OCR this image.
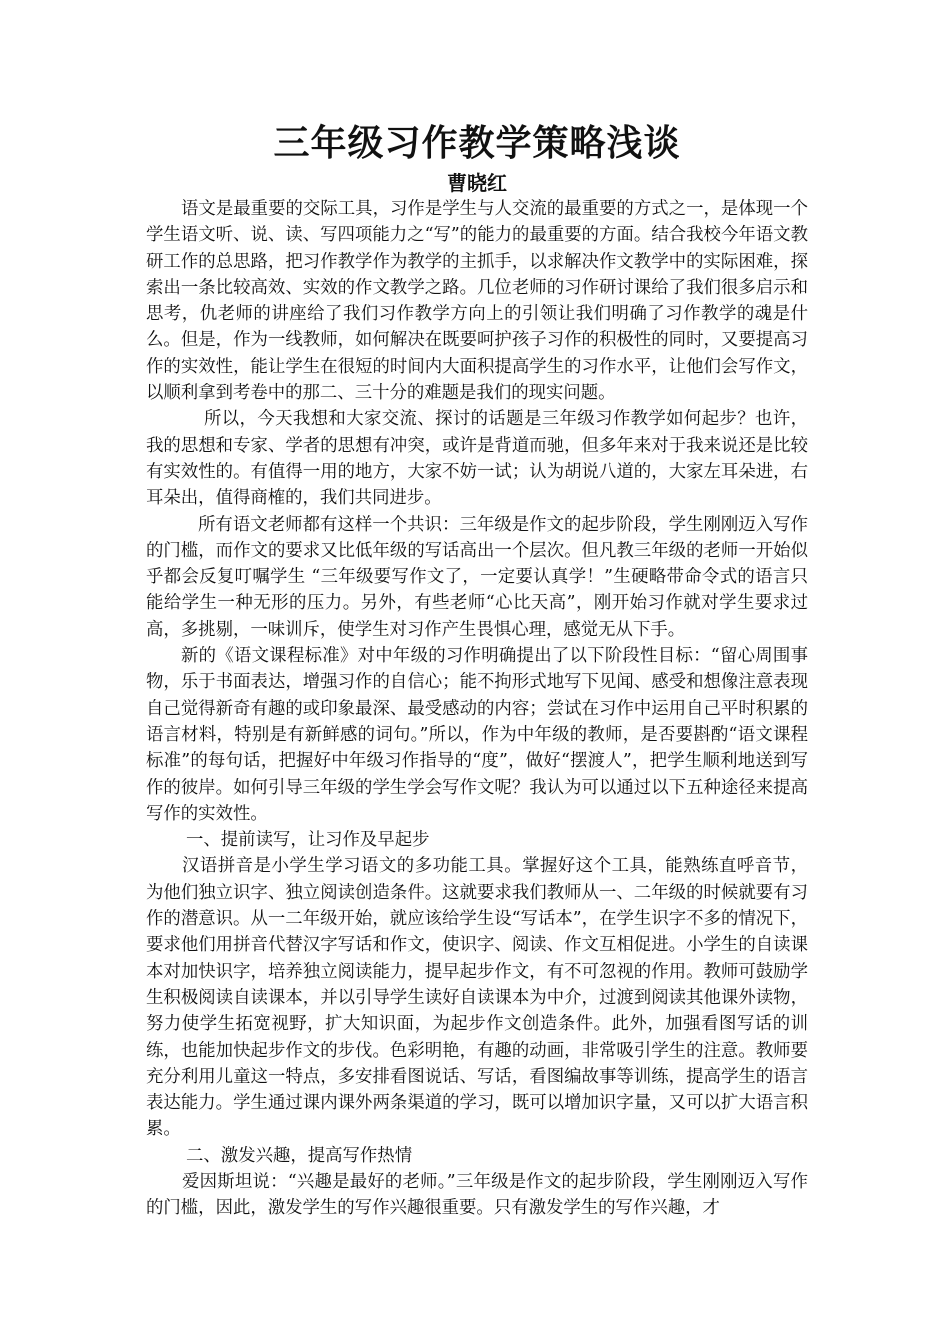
三年级习作教学策略浅谈
曹晓红

语文是最重要的交际工具，习作是学生与人交流的最重要的方式之一，是体现一个学生语文听、说、读、写四项能力之“写”的能力的最重要的方面。结合我校今年语文教研工作的总思路，把习作教学作为教学的主抓手，以求解决作文教学中的实际困难，探索出一条比较高效、实效的作文教学之路。几位老师的习作研讨课给了我们很多启示和思考，仇老师的讲座给了我们习作教学方向上的引领让我们明确了习作教学的魂是什么。但是，作为一线教师，如何解决在既要呵护孩子习作的积极性的同时，又要提高习作的实效性，能让学生在很短的时间内大面积提高学生的习作水平，让他们会写作文，以顺利拿到考卷中的那二、三十分的难题是我们的现实问题。

所以，今天我想和大家交流、探讨的话题是三年级习作教学如何起步？也许，我的思想和专家、学者的思想有冲突，或许是背道而驰，但多年来对于我来说还是比较有实效性的。有值得一用的地方，大家不妨一试；认为胡说八道的，大家左耳朵进，右耳朵出，值得商榷的，我们共同进步。

所有语文老师都有这样一个共识：三年级是作文的起步阶段，学生刚刚迈入写作的门槛，而作文的要求又比低年级的写话高出一个层次。但凡教三年级的老师一开始似乎都会反复叮嘱学生 “三年级要写作文了，一定要认真学！”生硬略带命令式的语言只能给学生一种无形的压力。另外，有些老师“心比天高”，刚开始习作就对学生要求过高，多挑剔，一味训斥，使学生对习作产生畏惧心理，感觉无从下手。

新的《语文课程标准》对中年级的习作明确提出了以下阶段性目标：“留心周围事物，乐于书面表达，增强习作的自信心；能不拘形式地写下见闻、感受和想像注意表现自己觉得新奇有趣的或印象最深、最受感动的内容；尝试在习作中运用自己平时积累的语言材料，特别是有新鲜感的词句。”所以，作为中年级的教师，是否要斟酌“语文课程标准”的每句话，把握好中年级习作指导的“度”，做好“摆渡人”，把学生顺利地送到写作的彼岸。如何引导三年级的学生学会写作文呢？我认为可以通过以下五种途径来提高写作的实效性。

一、提前读写，让习作及早起步

汉语拼音是小学生学习语文的多功能工具。掌握好这个工具，能熟练直呼音节，为他们独立识字、独立阅读创造条件。这就要求我们教师从一、二年级的时候就要有习作的潜意识。从一二年级开始，就应该给学生设“写话本”，在学生识字不多的情况下，要求他们用拼音代替汉字写话和作文，使识字、阅读、作文互相促进。小学生的自读课本对加快识字，培养独立阅读能力，提早起步作文，有不可忽视的作用。教师可鼓励学生积极阅读自读课本，并以引导学生读好自读课本为中介，过渡到阅读其他课外读物，努力使学生拓宽视野，扩大知识面，为起步作文创造条件。此外，加强看图写话的训练，也能加快起步作文的步伐。色彩明艳，有趣的动画，非常吸引学生的注意。教师要充分利用儿童这一特点，多安排看图说话、写话，看图编故事等训练，提高学生的语言表达能力。学生通过课内课外两条渠道的学习，既可以增加识字量，又可以扩大语言积累。

二、激发兴趣，提高写作热情

爱因斯坦说：“兴趣是最好的老师。”三年级是作文的起步阶段，学生刚刚迈入写作的门槛，因此，激发学生的写作兴趣很重要。只有激发学生的写作兴趣，才
